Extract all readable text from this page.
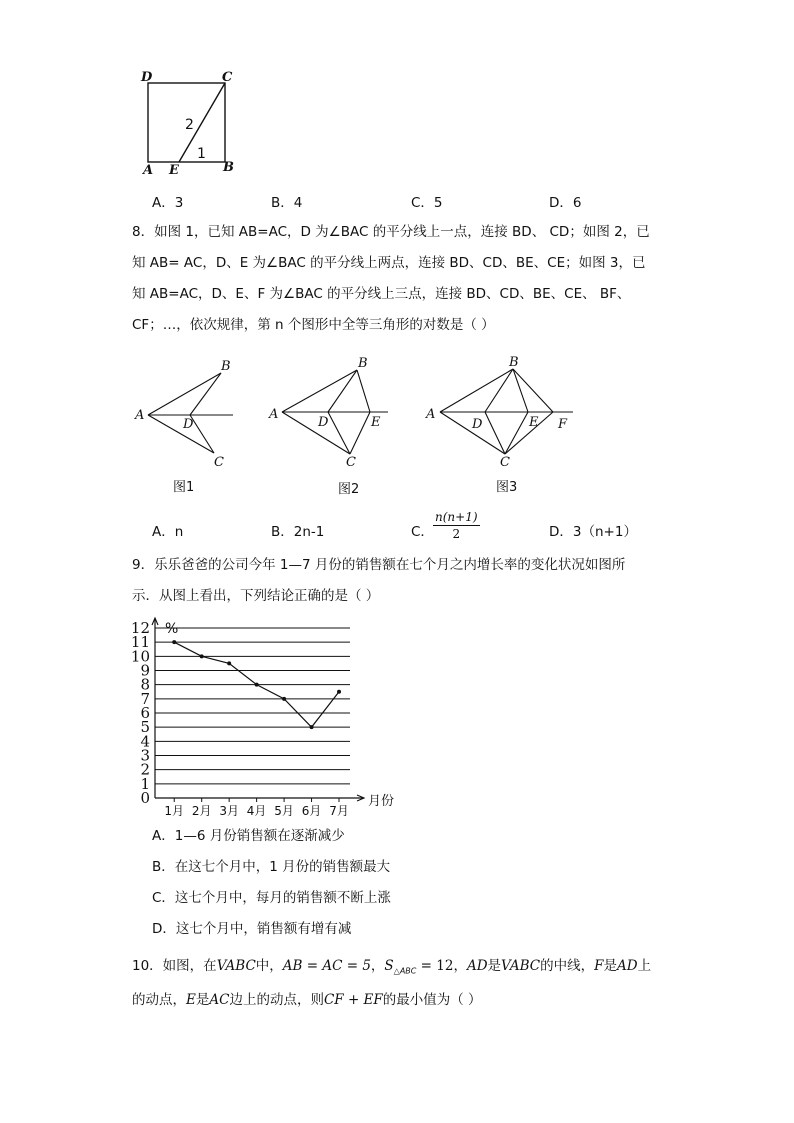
D	C
A E	B
2
1
A．3	B．4	C．5	D．6
8．如图 1，已知 AB=AC，D 为∠BAC 的平分线上一点，连接 BD、 CD；如图 2，已
知 AB= AC，D、E 为∠BAC 的平分线上两点，连接 BD、CD、BE、CE；如图 3，已
知 AB=AC，D、E、F 为∠BAC 的平分线上三点，连接 BD、CD、BE、CE、 BF、
CF；…，依次规律，第 n 个图形中全等三角形的对数是（ ）
A
B
C
D
图1
A
B
C
D	E
图2
A
B
C
D	E F
图3
A．n	B．2n-1	C． $\frac{n(n+1)}{2}$	D．3（n+1）
9．乐乐爸爸的公司今年 1—7 月份的销售额在七个月之内增长率的变化状况如图所
示．从图上看出，下列结论正确的是（ ）
0
1
2
3
4
5
6
7
8
9
10
11
12
1月 2月 3月 4月 5月 6月 7月
%
月份
A．1—6 月份销售额在逐渐减少
B．在这七个月中，1 月份的销售额最大
C．这七个月中，每月的销售额不断上涨
D．这七个月中，销售额有增有减
10．如图，在VABC中，AB = AC = 5，$S_{\triangle ABC} = 12$，AD是VABC的中线，F是AD上
的动点，E是AC边上的动点，则CF + EF的最小值为（ ）
